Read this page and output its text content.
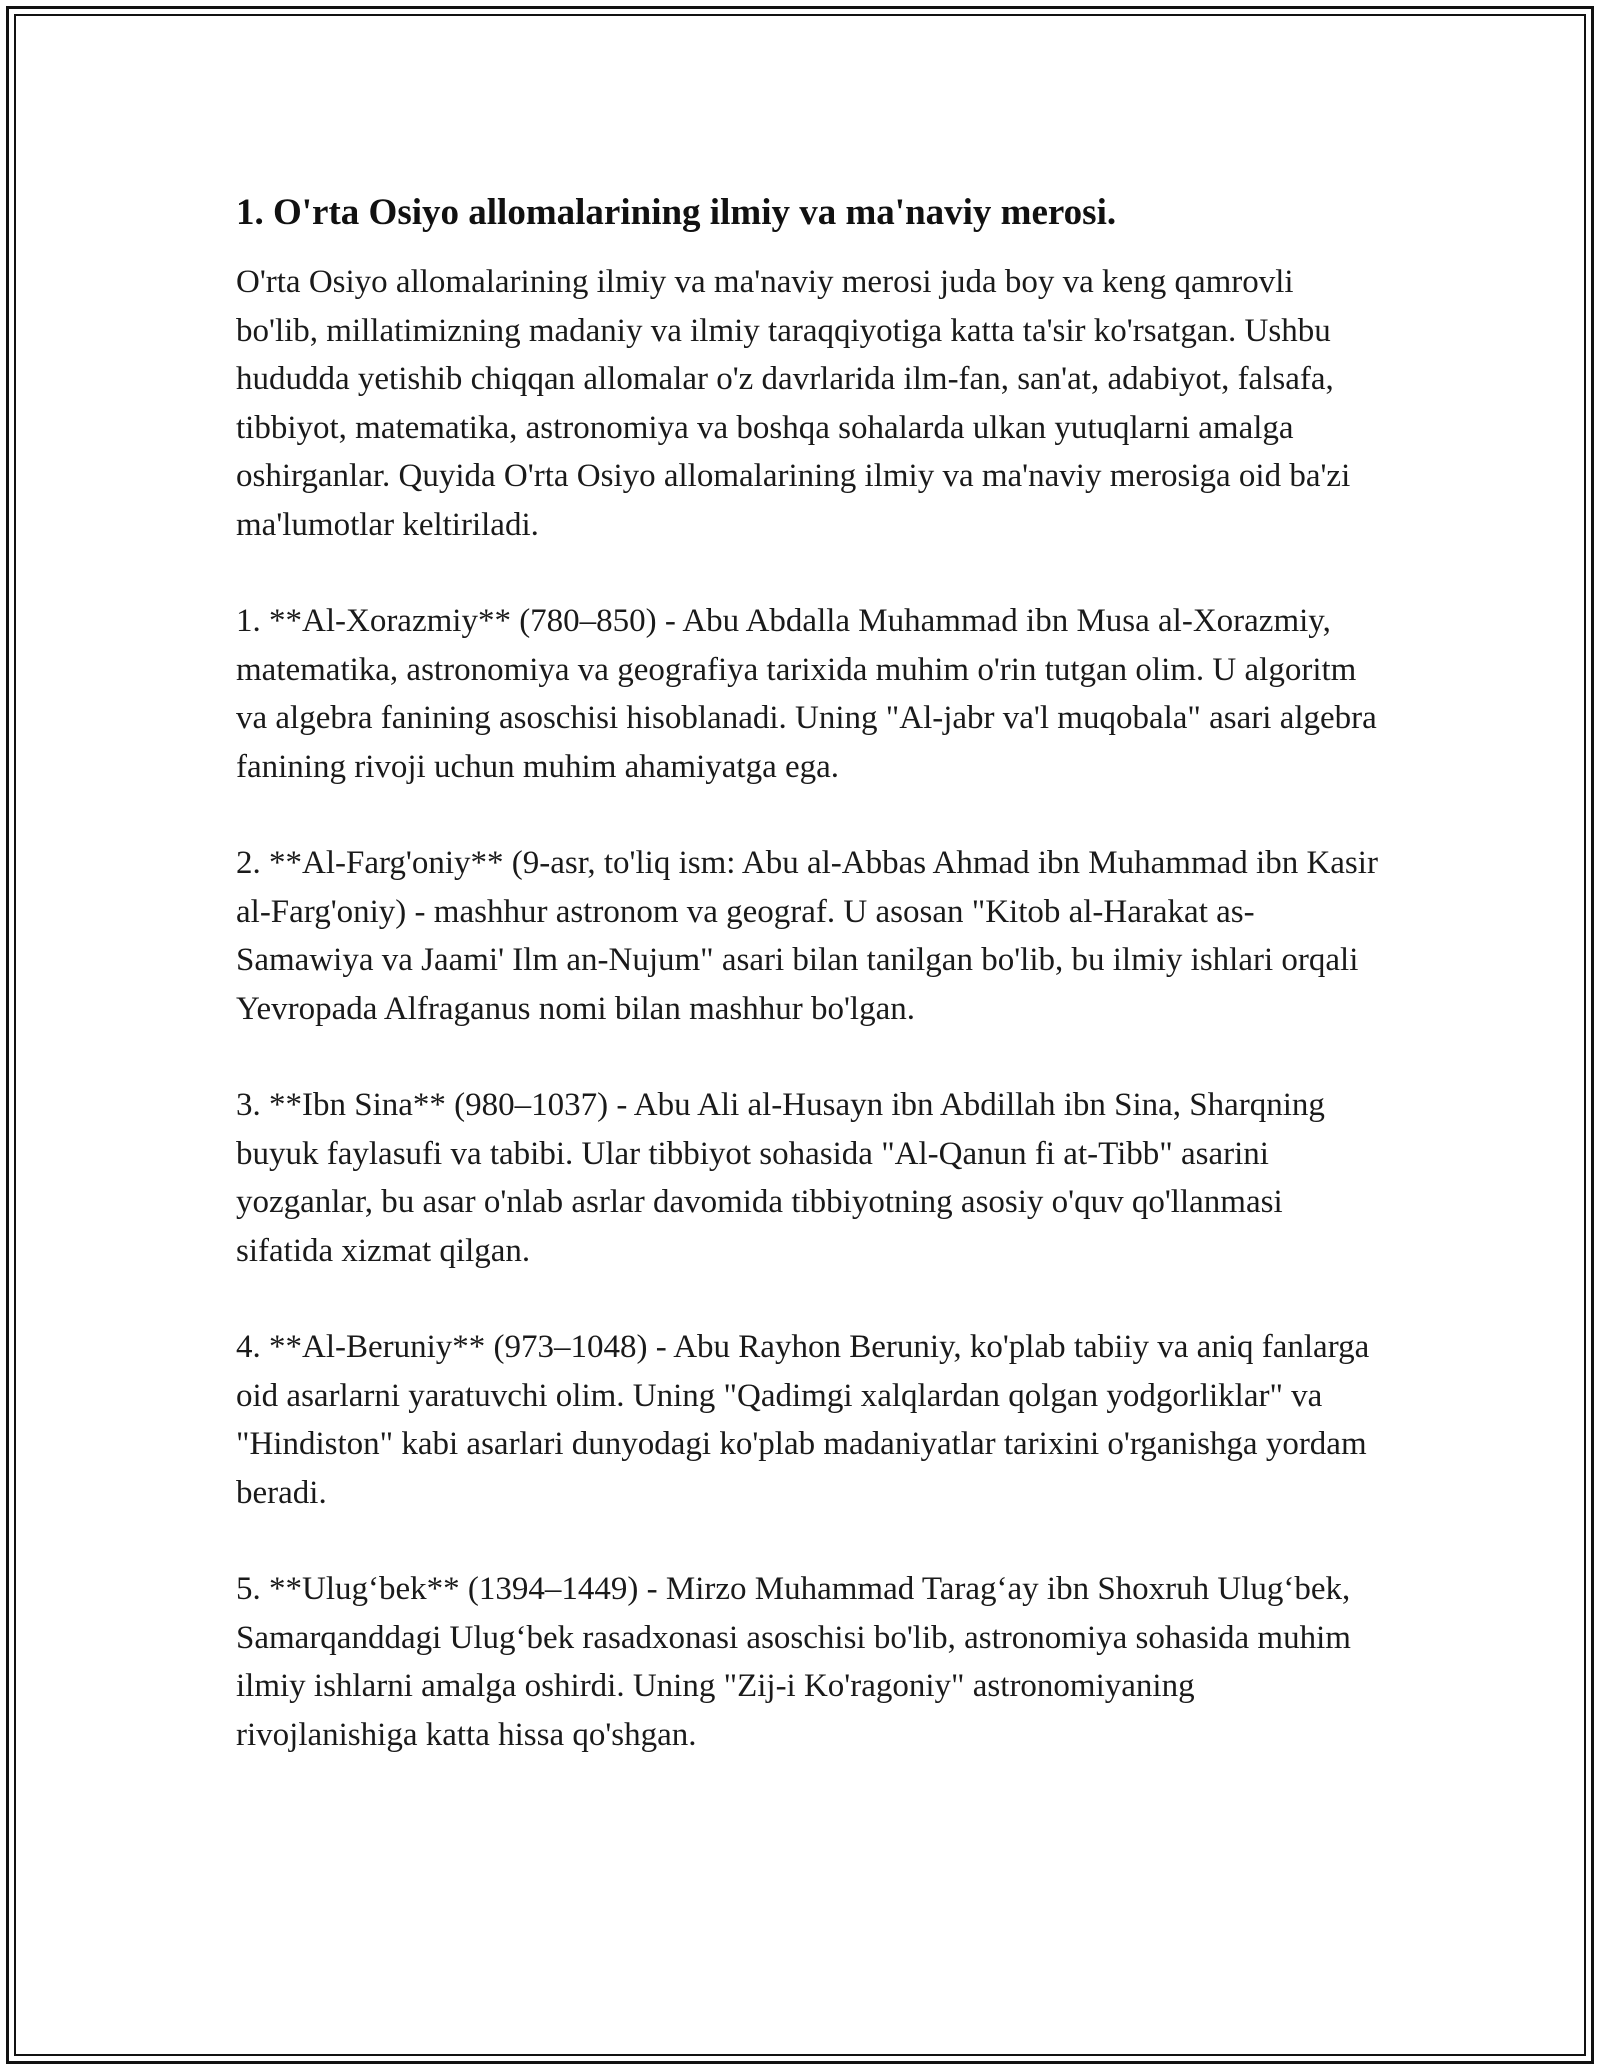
1. O'rta Osiyo allomalarining ilmiy va ma'naviy merosi.

O'rta Osiyo allomalarining ilmiy va ma'naviy merosi juda boy va keng qamrovli bo'lib, millatimizning madaniy va ilmiy taraqqiyotiga katta ta'sir ko'rsatgan. Ushbu hududda yetishib chiqqan allomalar o'z davrlarida ilm-fan, san'at, adabiyot, falsafa, tibbiyot, matematika, astronomiya va boshqa sohalarda ulkan yutuqlarni amalga oshirganlar. Quyida O'rta Osiyo allomalarining ilmiy va ma'naviy merosiga oid ba'zi ma'lumotlar keltiriladi.

1. **Al-Xorazmiy** (780–850) - Abu Abdalla Muhammad ibn Musa al-Xorazmiy, matematika, astronomiya va geografiya tarixida muhim o'rin tutgan olim. U algoritm va algebra fanining asoschisi hisoblanadi. Uning "Al-jabr va'l muqobala" asari algebra fanining rivoji uchun muhim ahamiyatga ega.

2. **Al-Farg'oniy** (9-asr, to'liq ism: Abu al-Abbas Ahmad ibn Muhammad ibn Kasir al-Farg'oniy) - mashhur astronom va geograf. U asosan "Kitob al-Harakat as-Samawiya va Jaami' Ilm an-Nujum" asari bilan tanilgan bo'lib, bu ilmiy ishlari orqali Yevropada Alfraganus nomi bilan mashhur bo'lgan.

3. **Ibn Sina** (980–1037) - Abu Ali al-Husayn ibn Abdillah ibn Sina, Sharqning buyuk faylasufi va tabibi. Ular tibbiyot sohasida "Al-Qanun fi at-Tibb" asarini yozganlar, bu asar o'nlab asrlar davomida tibbiyotning asosiy o'quv qo'llanmasi sifatida xizmat qilgan.

4. **Al-Beruniy** (973–1048) - Abu Rayhon Beruniy, ko'plab tabiiy va aniq fanlarga oid asarlarni yaratuvchi olim. Uning "Qadimgi xalqlardan qolgan yodgorliklar" va "Hindiston" kabi asarlari dunyodagi ko'plab madaniyatlar tarixini o'rganishga yordam beradi.

5. **Ulug‘bek** (1394–1449) - Mirzo Muhammad Tarag‘ay ibn Shoxruh Ulug‘bek, Samarqanddagi Ulug‘bek rasadxonasi asoschisi bo'lib, astronomiya sohasida muhim ilmiy ishlarni amalga oshirdi. Uning "Zij-i Ko'ragoniy" astronomiyaning rivojlanishiga katta hissa qo'shgan.
